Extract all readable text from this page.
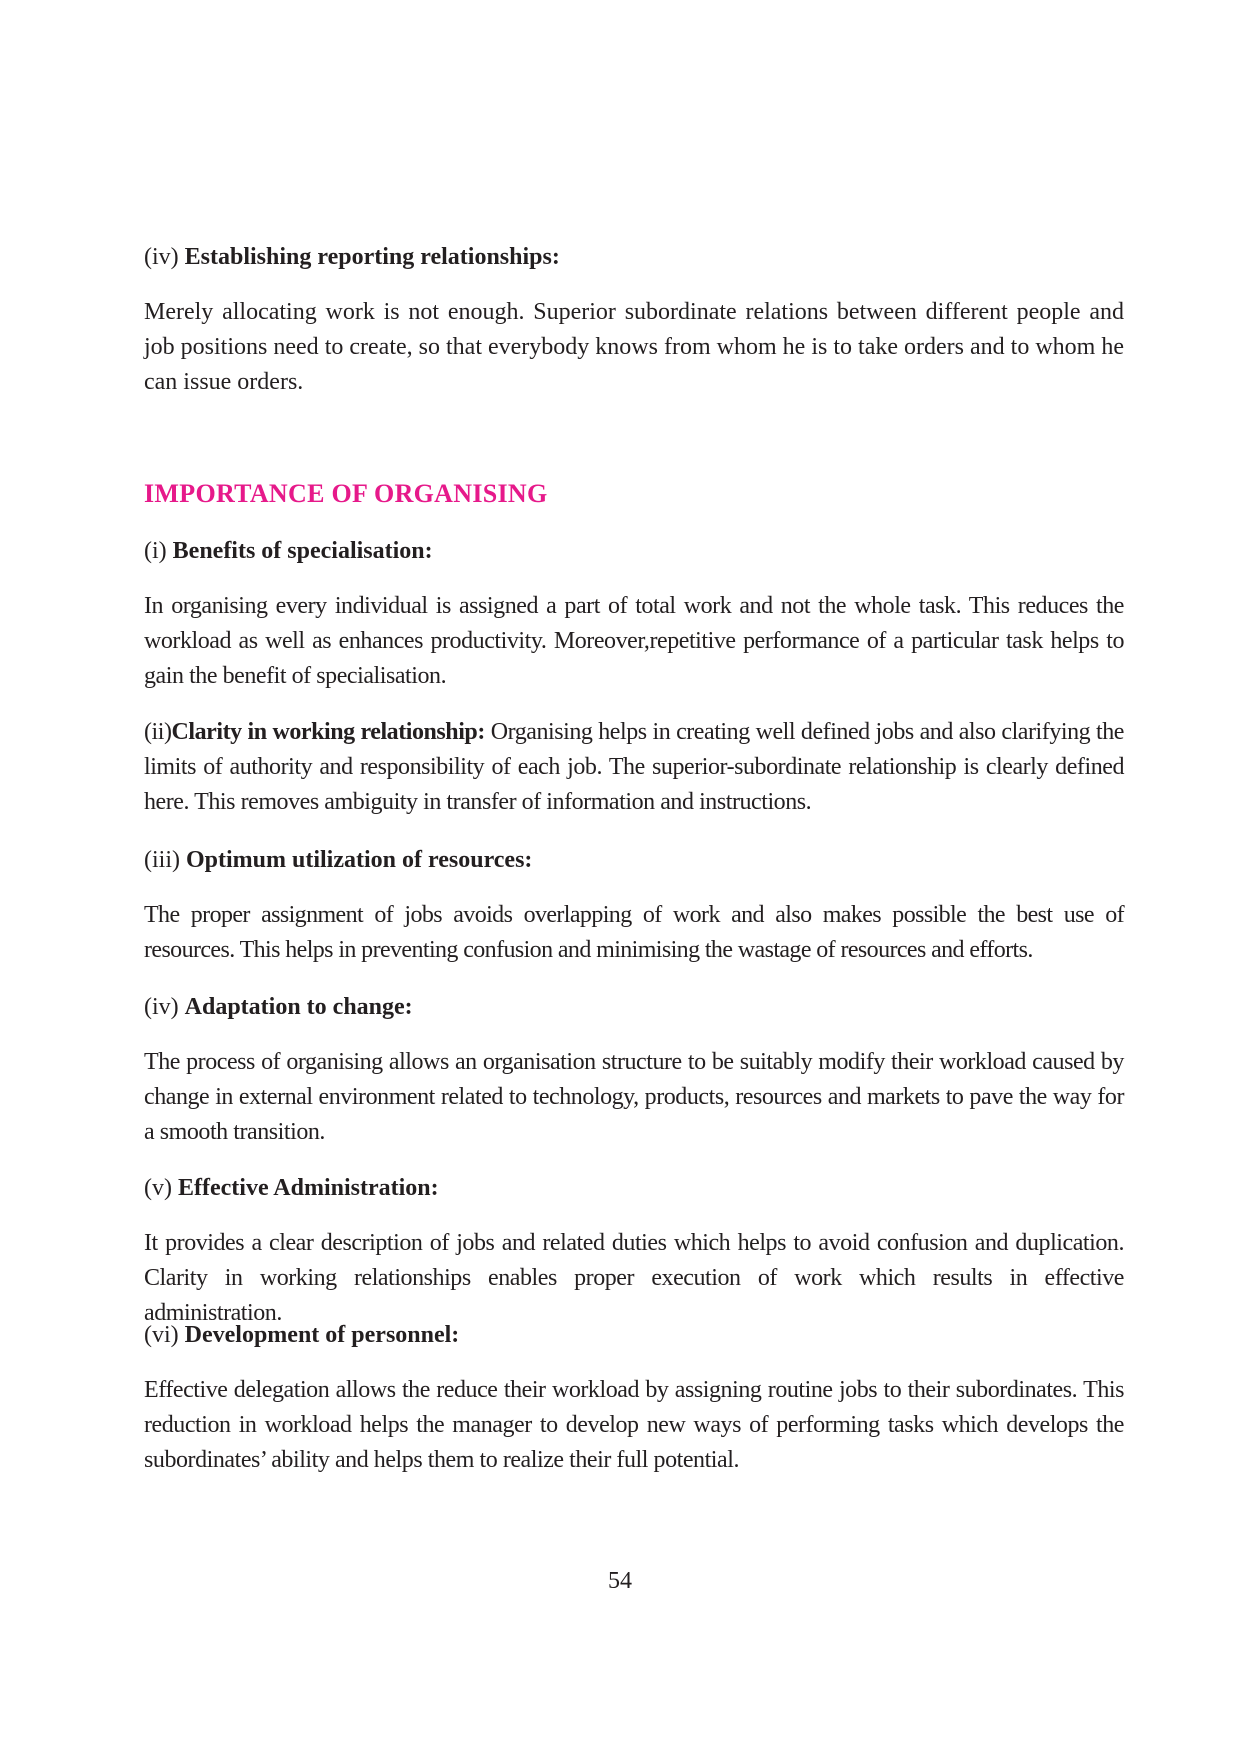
(iv) Establishing reporting relationships:

Merely allocating work is not enough. Superior subordinate relations between different people and job positions need to create, so that everybody knows from whom he is to take orders and to whom he can issue orders.

IMPORTANCE OF ORGANISING

(i) Benefits of specialisation:

In organising every individual is assigned a part of total work and not the whole task. This reduces the workload as well as enhances productivity. Moreover,repetitive performance of a particular task helps to gain the benefit of specialisation.

(ii)Clarity in working relationship: Organising helps in creating well defined jobs and also clarifying the limits of authority and responsibility of each job. The superior-subordinate relationship is clearly defined here. This removes ambiguity in transfer of information and instructions.

(iii) Optimum utilization of resources:

The proper assignment of jobs avoids overlapping of work and also makes possible the best use of resources. This helps in preventing confusion and minimising the wastage of resources and efforts.

(iv) Adaptation to change:

The process of organising allows an organisation structure to be suitably modify their workload caused by change in external environment related to technology, products, resources and markets to pave the way for a smooth transition.

(v) Effective Administration:

It provides a clear description of jobs and related duties which helps to avoid confusion and duplication. Clarity in working relationships enables proper execution of work which results in effective administration.

(vi) Development of personnel:

Effective delegation allows the reduce their workload by assigning routine jobs to their subordinates. This reduction in workload helps the manager to develop new ways of performing tasks which develops the subordinates’ ability and helps them to realize their full potential.

54
